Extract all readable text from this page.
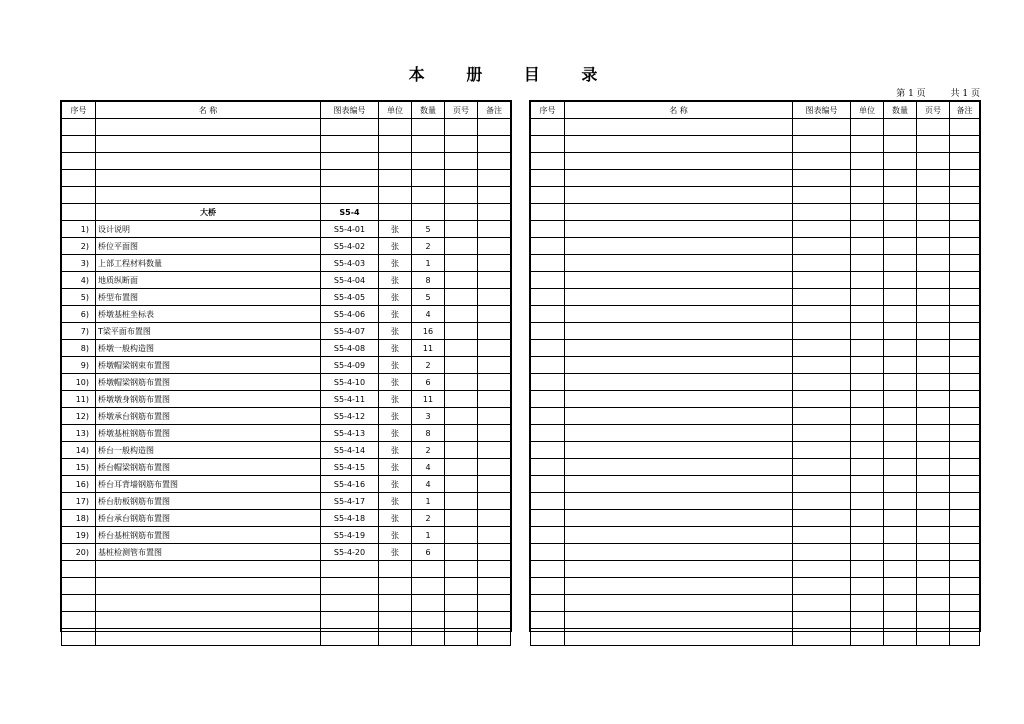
本 册 目 录
第 1 页	共 1 页
序号	名 称	图表编号	单位	数量	页号	备注

	大桥	S5-4				
1)	设计说明	S5-4-01	张	5		
2)	桥位平面图	S5-4-02	张	2		
3)	上部工程材料数量	S5-4-03	张	1		
4)	地质纵断面	S5-4-04	张	8		
5)	桥型布置图	S5-4-05	张	5		
6)	桥墩基桩坐标表	S5-4-06	张	4		
7)	T梁平面布置图	S5-4-07	张	16		
8)	桥墩一般构造图	S5-4-08	张	11		
9)	桥墩帽梁钢束布置图	S5-4-09	张	2		
10)	桥墩帽梁钢筋布置图	S5-4-10	张	6		
11)	桥墩墩身钢筋布置图	S5-4-11	张	11		
12)	桥墩承台钢筋布置图	S5-4-12	张	3		
13)	桥墩基桩钢筋布置图	S5-4-13	张	8		
14)	桥台一般构造图	S5-4-14	张	2		
15)	桥台帽梁钢筋布置图	S5-4-15	张	4		
16)	桥台耳背墙钢筋布置图	S5-4-16	张	4		
17)	桥台肋板钢筋布置图	S5-4-17	张	1		
18)	桥台承台钢筋布置图	S5-4-18	张	2		
19)	桥台基桩钢筋布置图	S5-4-19	张	1		
20)	基桩检测管布置图	S5-4-20	张	6		

序号	名 称	图表编号	单位	数量	页号	备注
